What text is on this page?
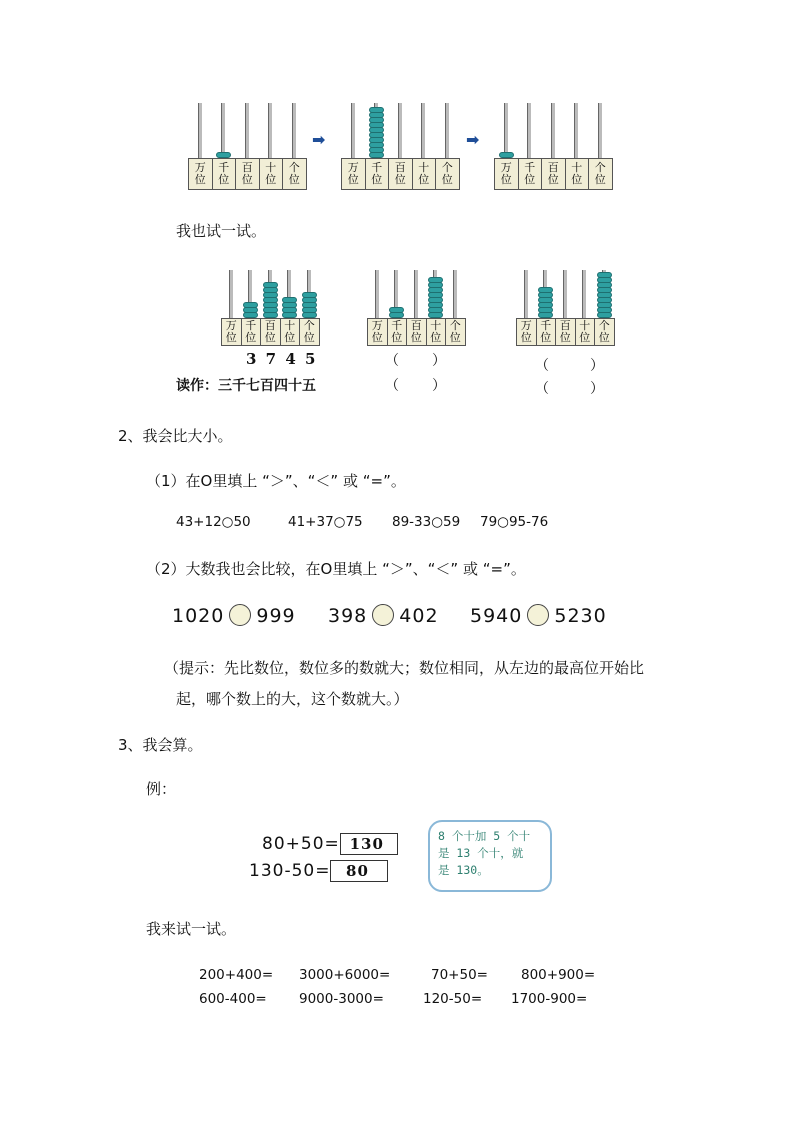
万
位
千
位
百
位
十
位
个
位
万
位
千
位
百
位
十
位
个
位
万
位
千
位
百
位
十
位
个
位
➡	➡
我也试一试。
万
位
千
位
百
位
十
位
个
位
万
位
千
位
百
位
十
位
个
位
万
位
千
位
百
位
十
位
个
位
3 7 4 5
读作：三千七百四十五
（ ）
（ ）
（	）
（	）
2、我会比大小。
（1）在O里填上 “＞”、“＜” 或 “=”。
43+12○50	41+37○75 89-33○59 79○95-76
（2）大数我也会比较，在O里填上 “＞”、“＜” 或 “=”。
1020 999 398 402 5940 5230
（提示：先比数位，数位多的数就大；数位相同，从左边的最高位开始比
起，哪个数上的大，这个数就大。）
3、我会算。
例：
80+50= 130
130-50= 80
8 个十加 5 个十
是 13 个十，就
是 130。
我来试一试。
200+400= 3000+6000=	70+50= 800+900=
600-400= 9000-3000=	120-50= 1700-900=
